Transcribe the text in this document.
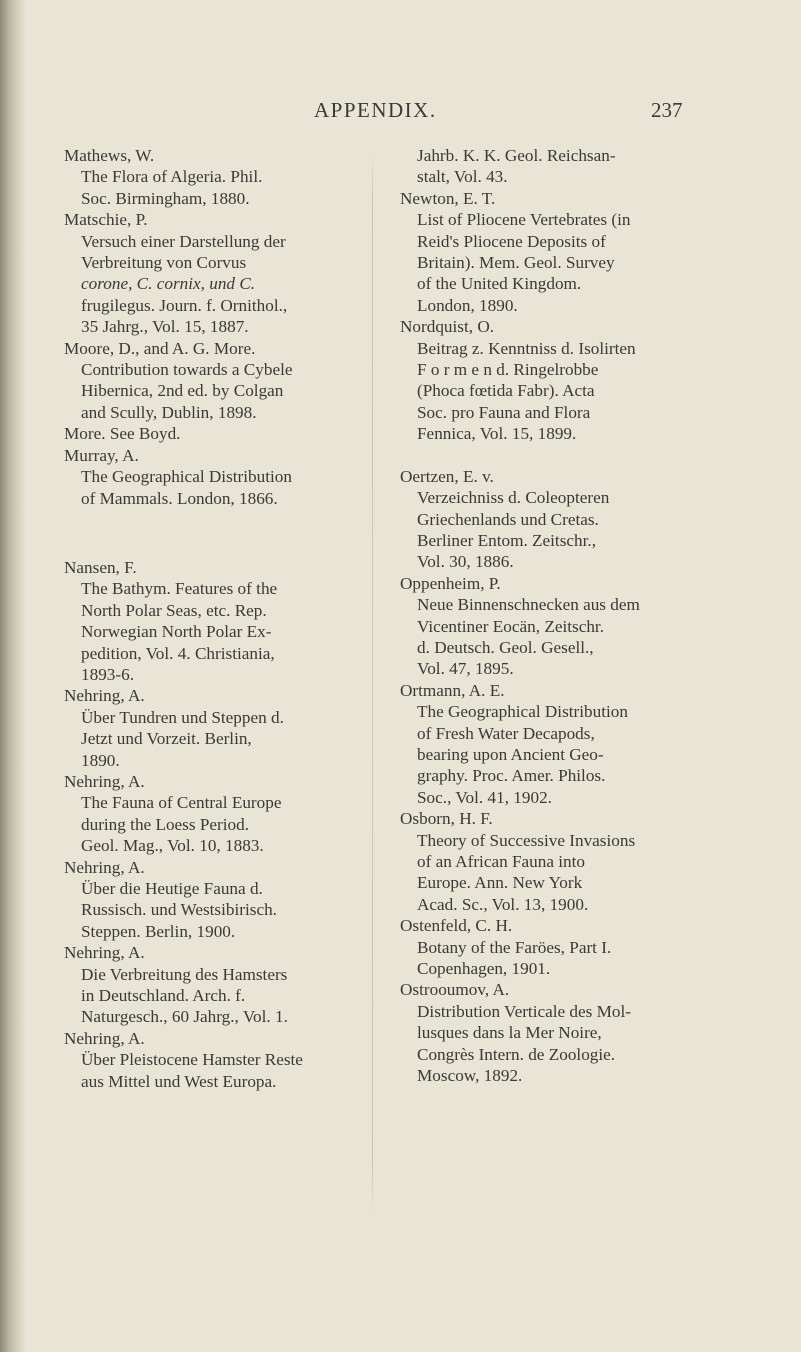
APPENDIX.	237
Mathews, W.
The Flora of Algeria. Phil.
Soc. Birmingham, 1880.
Matschie, P.
Versuch einer Darstellung der
Verbreitung von Corvus
corone, C. cornix, und C.
frugilegus. Journ. f. Ornithol.,
35 Jahrg., Vol. 15, 1887.
Moore, D., and A. G. More.
Contribution towards a Cybele
Hibernica, 2nd ed. by Colgan
and Scully, Dublin, 1898.
More. See Boyd.
Murray, A.
The Geographical Distribution
of Mammals. London, 1866.
Nansen, F.
The Bathym. Features of the
North Polar Seas, etc. Rep.
Norwegian North Polar Ex-
pedition, Vol. 4. Christiania,
1893-6.
Nehring, A.
Über Tundren und Steppen d.
Jetzt und Vorzeit. Berlin,
1890.
Nehring, A.
The Fauna of Central Europe
during the Loess Period.
Geol. Mag., Vol. 10, 1883.
Nehring, A.
Über die Heutige Fauna d.
Russisch. und Westsibirisch.
Steppen. Berlin, 1900.
Nehring, A.
Die Verbreitung des Hamsters
in Deutschland. Arch. f.
Naturgesch., 60 Jahrg., Vol. 1.
Nehring, A.
Über Pleistocene Hamster Reste
aus Mittel und West Europa.
Jahrb. K. K. Geol. Reichsan-
stalt, Vol. 43.
Newton, E. T.
List of Pliocene Vertebrates (in
Reid's Pliocene Deposits of
Britain). Mem. Geol. Survey
of the United Kingdom.
London, 1890.
Nordquist, O.
Beitrag z. Kenntniss d. Isolirten
F o r m e n d. Ringelrobbe
(Phoca fœtida Fabr). Acta
Soc. pro Fauna and Flora
Fennica, Vol. 15, 1899.
Oertzen, E. v.
Verzeichniss d. Coleopteren
Griechenlands und Cretas.
Berliner Entom. Zeitschr.,
Vol. 30, 1886.
Oppenheim, P.
Neue Binnenschnecken aus dem
Vicentiner Eocän, Zeitschr.
d. Deutsch. Geol. Gesell.,
Vol. 47, 1895.
Ortmann, A. E.
The Geographical Distribution
of Fresh Water Decapods,
bearing upon Ancient Geo-
graphy. Proc. Amer. Philos.
Soc., Vol. 41, 1902.
Osborn, H. F.
Theory of Successive Invasions
of an African Fauna into
Europe. Ann. New York
Acad. Sc., Vol. 13, 1900.
Ostenfeld, C. H.
Botany of the Faröes, Part I.
Copenhagen, 1901.
Ostrooumov, A.
Distribution Verticale des Mol-
lusques dans la Mer Noire,
Congrès Intern. de Zoologie.
Moscow, 1892.
